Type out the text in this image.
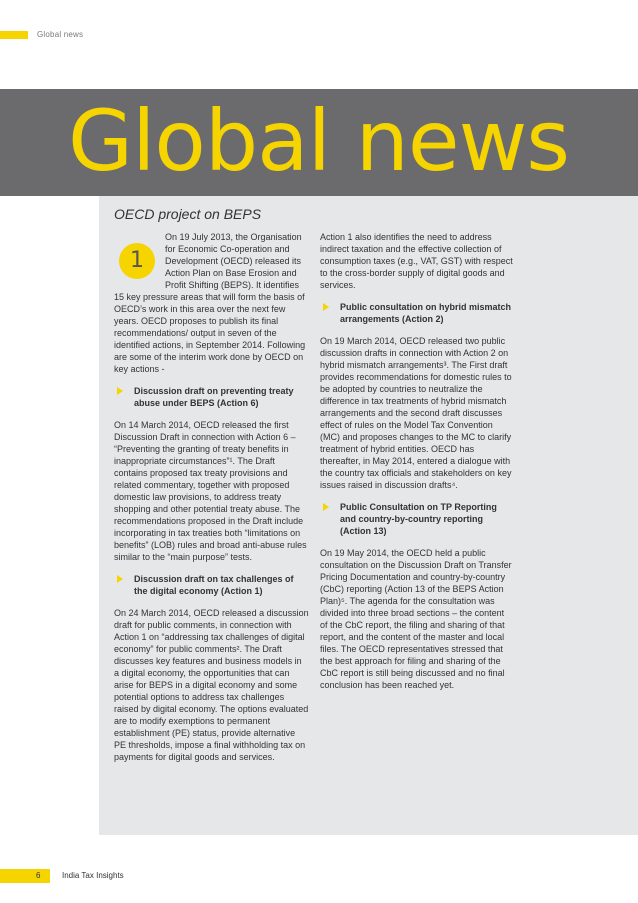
Global news
Global news
OECD project on BEPS
1

On 19 July 2013, the Organisation for Economic Co-operation and Development (OECD) released its Action Plan on Base Erosion and Profit Shifting (BEPS). It identifies 15 key pressure areas that will form the basis of OECD’s work in this area over the next few years. OECD proposes to publish its final recommendations/ output in seven of the identified actions, in September 2014. Following are some of the interim work done by OECD on key actions -

Discussion draft on preventing treaty abuse under BEPS (Action 6)

On 14 March 2014, OECD released the first Discussion Draft in connection with Action 6 – “Preventing the granting of treaty benefits in inappropriate circumstances”¹. The Draft contains proposed tax treaty provisions and related commentary, together with proposed domestic law provisions, to address treaty shopping and other potential treaty abuse. The recommendations proposed in the Draft include incorporating in tax treaties both “limitations on benefits” (LOB) rules and broad anti-abuse rules similar to the “main purpose” tests.

Discussion draft on tax challenges of the digital economy (Action 1)

On 24 March 2014, OECD released a discussion draft for public comments, in connection with Action 1 on “addressing tax challenges of digital economy” for public comments². The Draft discusses key features and business models in a digital economy, the opportunities that can arise for BEPS in a digital economy and some potential options to address tax challenges raised by digital economy. The options evaluated are to modify exemptions to permanent establishment (PE) status, provide alternative PE thresholds, impose a final withholding tax on payments for digital goods and services.

Action 1 also identifies the need to address indirect taxation and the effective collection of consumption taxes (e.g., VAT, GST) with respect to the cross-border supply of digital goods and services.

Public consultation on hybrid mismatch arrangements (Action 2)

On 19 March 2014, OECD released two public discussion drafts in connection with Action 2 on hybrid mismatch arrangements³. The First draft provides recommendations for domestic rules to be adopted by countries to neutralize the difference in tax treatments of hybrid mismatch arrangements and the second draft discusses effect of rules on the Model Tax Convention (MC) and proposes changes to the MC to clarify treatment of hybrid entities. OECD has thereafter, in May 2014, entered a dialogue with the country tax officials and stakeholders on key issues raised in discussion drafts⁴.

Public Consultation on TP Reporting and country-by-country reporting (Action 13)

On 19 May 2014, the OECD held a public consultation on the Discussion Draft on Transfer Pricing Documentation and country-by-country (CbC) reporting (Action 13 of the BEPS Action Plan)⁵. The agenda for the consultation was divided into three broad sections – the content of the CbC report, the filing and sharing of that report, and the content of the master and local files. The OECD representatives stressed that the best approach for filing and sharing of the CbC report is still being discussed and no final conclusion has been reached yet.

6	India Tax Insights
